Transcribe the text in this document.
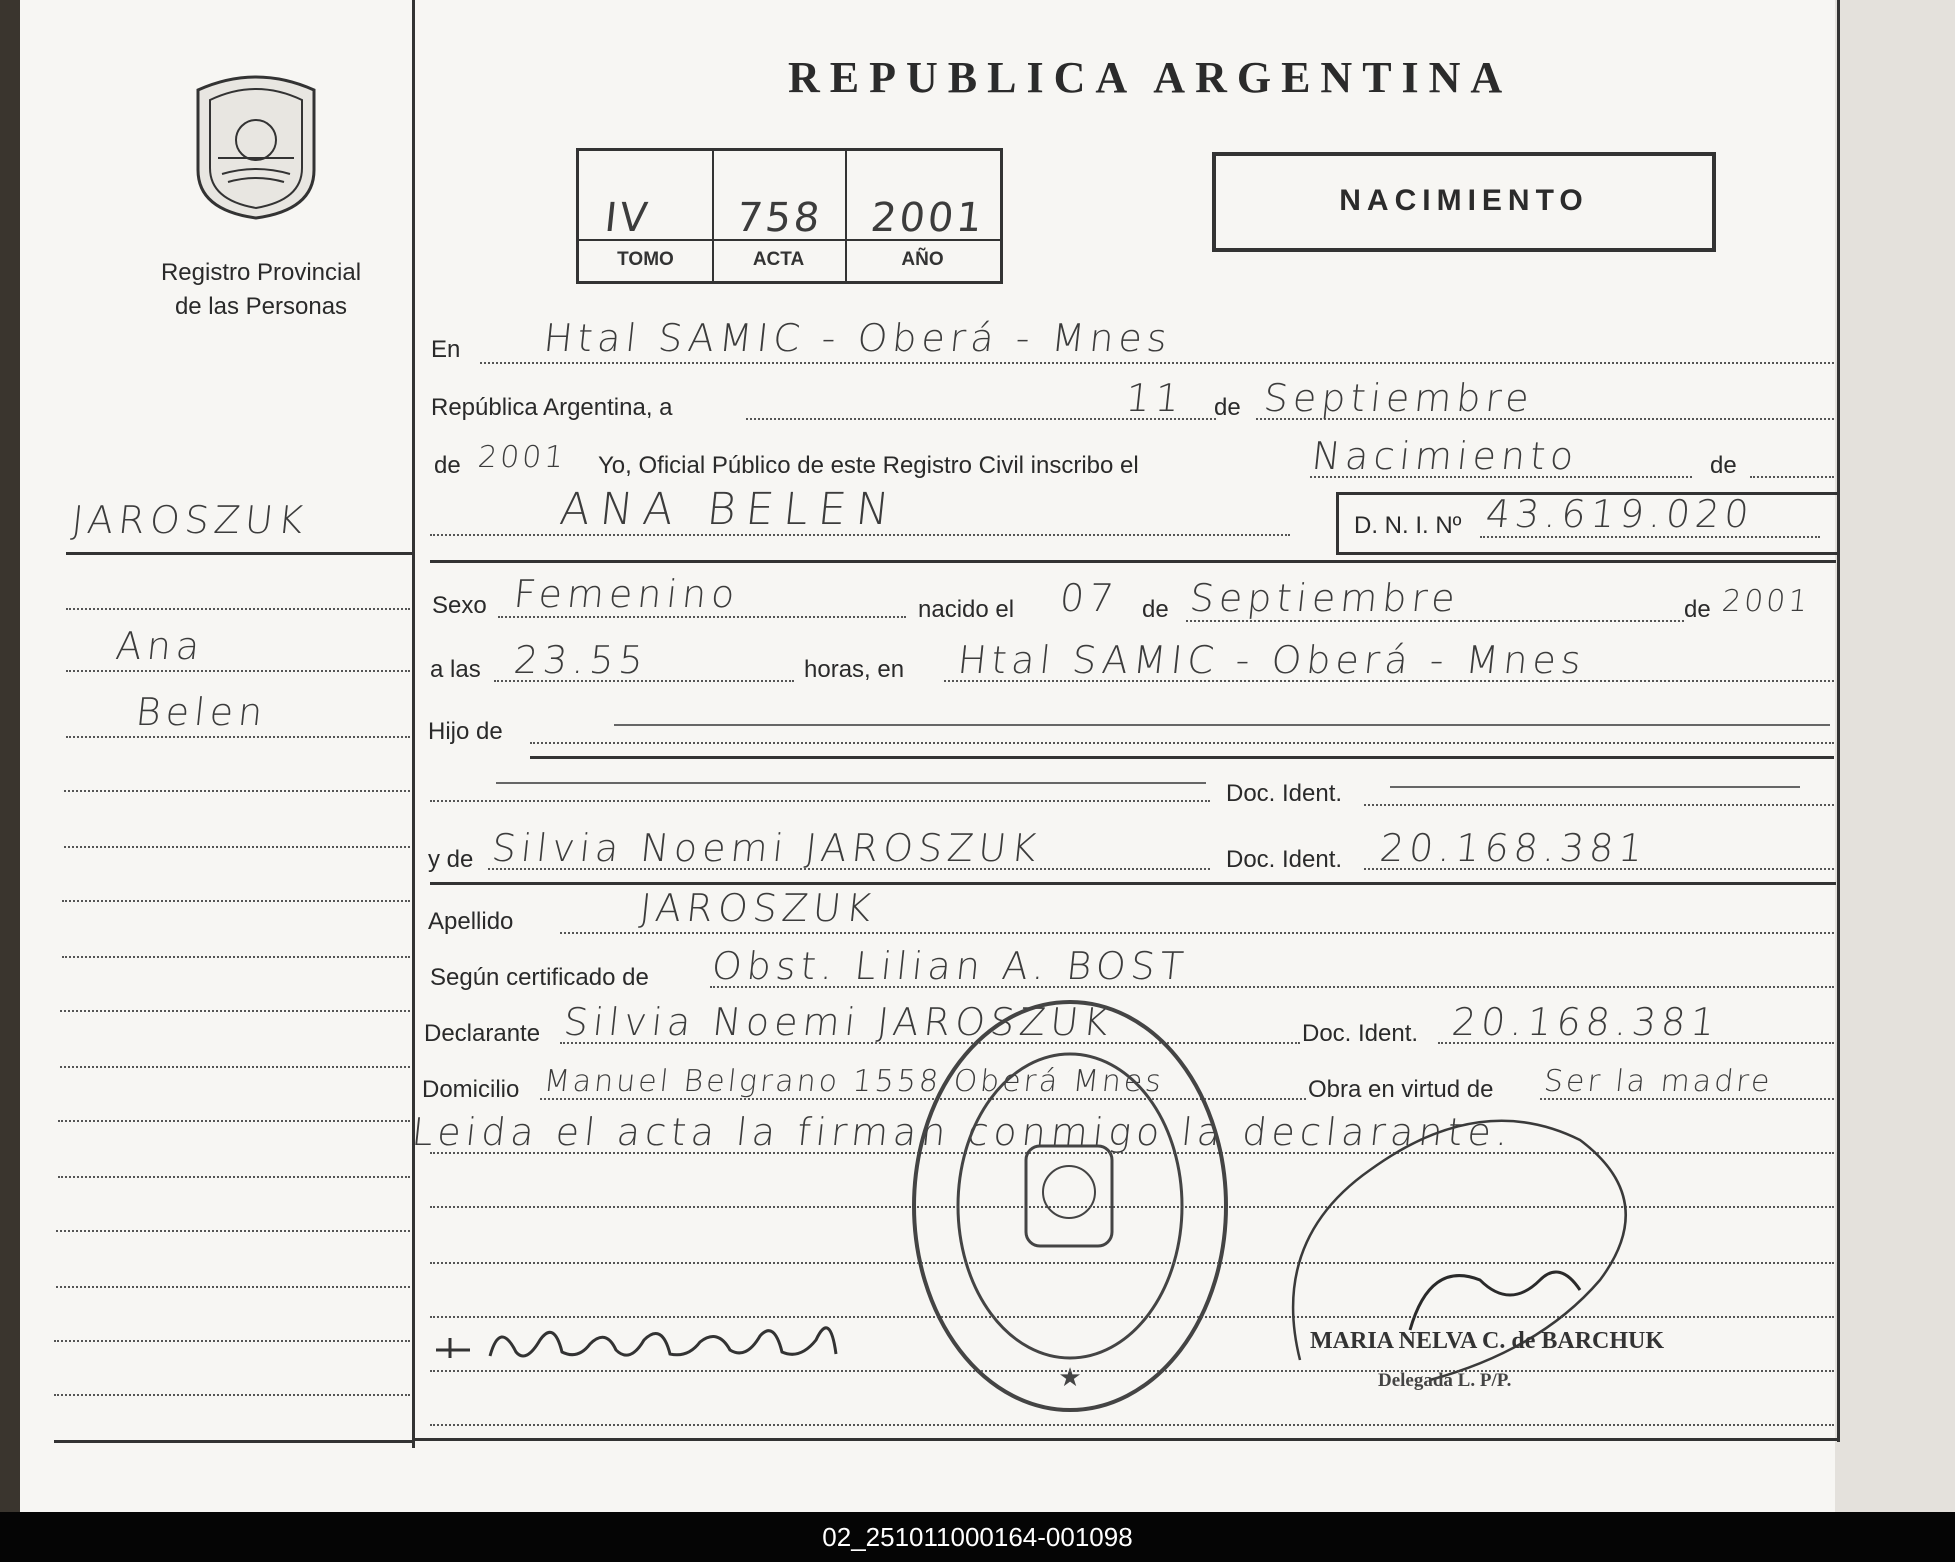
Registro Provincial
de las Personas
REPUBLICA ARGENTINA
IV 758 2001
TOMO	ACTA	AÑO
NACIMIENTO
En Htal SAMIC - Oberá - Mnes
República Argentina, a	11 de Septiembre
de 2001 Yo, Oficial Público de este Registro Civil inscribo el	Nacimiento	de
ANA BELEN	D. N. I. Nº 43.619.020
Sexo Femenino	nacido el 07 de Septiembre	de 2001
a las 23.55	horas, en Htal SAMIC - Oberá - Mnes
Hijo de
Doc. Ident.
y de Silvia Noemi JAROSZUK	Doc. Ident. 20.168.381
Apellido	JAROSZUK
Según certificado de Obst. Lilian A. BOST
Declarante Silvia Noemi JAROSZUK	Doc. Ident. 20.168.381
Domicilio Manuel Belgrano 1558 Oberá Mnes	Obra en virtud de Ser la madre
Leida el acta la firman conmigo la declarante.
JAROSZUK
Ana
Belen
★
MARIA NELVA C. de BARCHUK
Delegada L. P/P.
02_251011000164-001098
